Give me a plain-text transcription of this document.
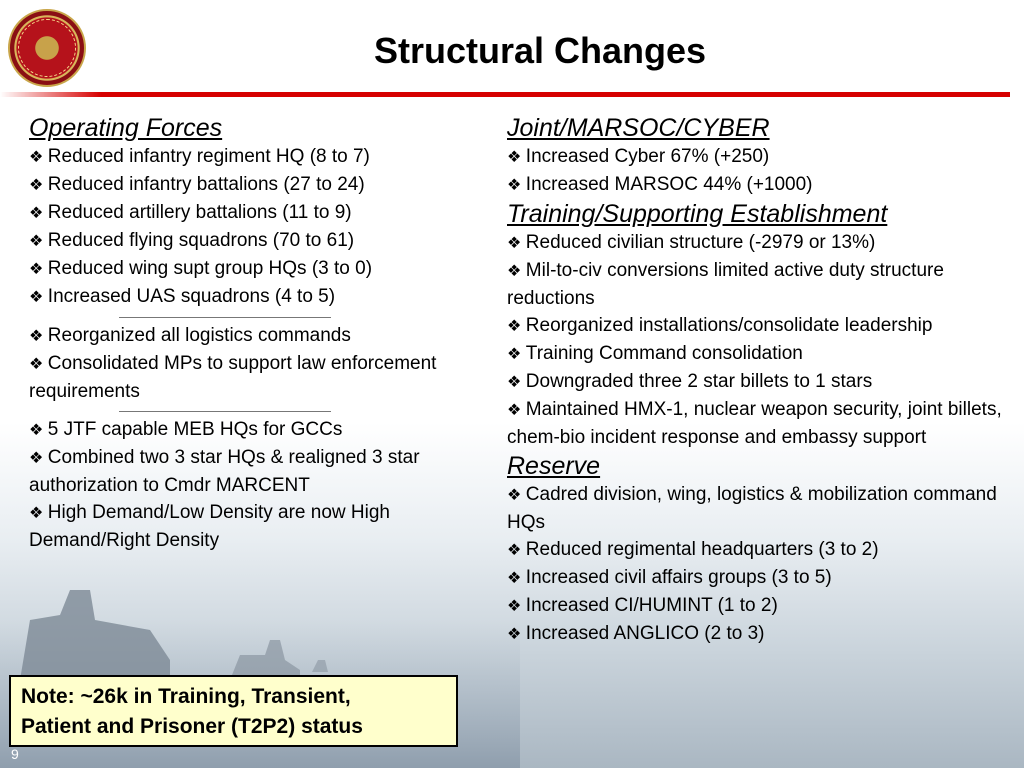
Structural Changes
Operating Forces
❖ Reduced infantry regiment HQ (8 to 7)
❖ Reduced infantry battalions (27 to 24)
❖ Reduced artillery battalions (11 to 9)
❖ Reduced flying squadrons (70 to 61)
❖ Reduced wing supt group HQs (3 to 0)
❖ Increased UAS squadrons (4 to 5)
❖ Reorganized all logistics commands
❖ Consolidated MPs to support law enforcement requirements
❖ 5 JTF capable MEB HQs for GCCs
❖ Combined two 3 star HQs & realigned 3 star authorization to Cmdr MARCENT
❖ High Demand/Low Density are now High Demand/Right Density
Joint/MARSOC/CYBER
❖ Increased Cyber 67% (+250)
❖ Increased MARSOC 44% (+1000)
Training/Supporting Establishment
❖ Reduced civilian structure (-2979 or 13%)
❖ Mil-to-civ conversions limited active duty structure reductions
❖ Reorganized installations/consolidate leadership
❖ Training Command consolidation
❖ Downgraded three 2 star billets to 1 stars
❖ Maintained HMX-1, nuclear weapon security, joint billets, chem-bio incident response and embassy support
Reserve
❖ Cadred division, wing, logistics & mobilization command HQs
❖ Reduced regimental headquarters (3 to 2)
❖ Increased civil affairs groups (3 to 5)
❖ Increased CI/HUMINT (1 to 2)
❖ Increased ANGLICO (2 to 3)
Note: ~26k in Training, Transient,
Patient and Prisoner (T2P2) status
9
